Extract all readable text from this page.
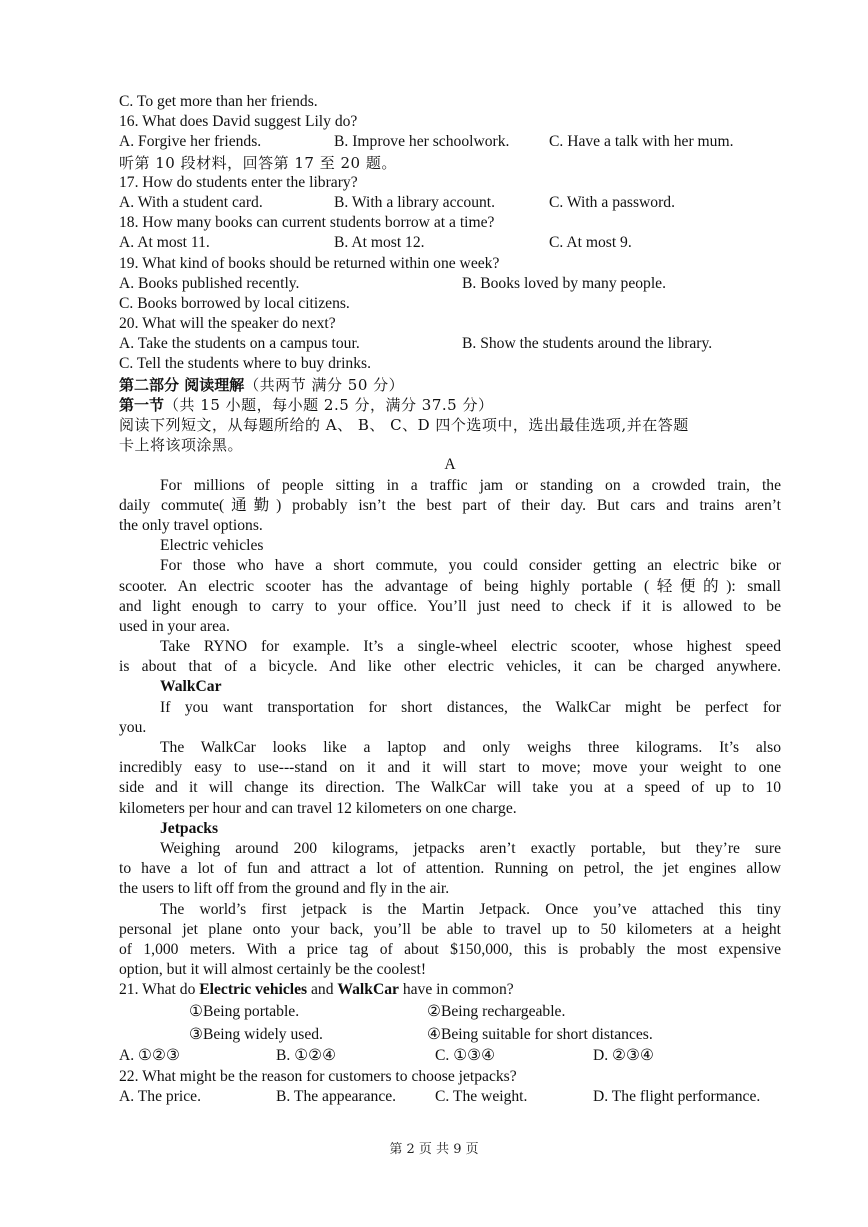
C. To get more than her friends.
16. What does David suggest Lily do?
A. Forgive her friends.	B. Improve her schoolwork.	C. Have a talk with her mum.
听第 10 段材料，回答第 17 至 20 题。
17. How do students enter the library?
A. With a student card.	B. With a library account.	C. With a password.
18. How many books can current students borrow at a time?
A. At most 11.	B. At most 12.	C. At most 9.
19. What kind of books should be returned within one week?
A. Books published recently.	B. Books loved by many people.
C. Books borrowed by local citizens.
20. What will the speaker do next?
A. Take the students on a campus tour.	B. Show the students around the library.
C. Tell the students where to buy drinks.
第二部分 阅读理解（共两节 满分 50 分）
第一节（共 15 小题，每小题 2.5 分，满分 37.5 分）
阅读下列短文，从每题所给的 A、 B、 C、D 四个选项中，选出最佳选项,并在答题
卡上将该项涂黑。
A
For millions of people sitting in a traffic jam or standing on a crowded train, the
daily commute(通勤) probably isn’t the best part of their day. But cars and trains aren’t
the only travel options.
Electric vehicles
For those who have a short commute, you could consider getting an electric bike or
scooter. An electric scooter has the advantage of being highly portable (轻便的): small
and light enough to carry to your office. You’ll just need to check if it is allowed to be
used in your area.
Take RYNO for example. It’s a single-wheel electric scooter, whose highest speed
is about that of a bicycle. And like other electric vehicles, it can be charged anywhere.
WalkCar
If you want transportation for short distances, the WalkCar might be perfect for
you.
The WalkCar looks like a laptop and only weighs three kilograms. It’s also
incredibly easy to use---stand on it and it will start to move; move your weight to one
side and it will change its direction. The WalkCar will take you at a speed of up to 10
kilometers per hour and can travel 12 kilometers on one charge.
Jetpacks
Weighing around 200 kilograms, jetpacks aren’t exactly portable, but they’re sure
to have a lot of fun and attract a lot of attention. Running on petrol, the jet engines allow
the users to lift off from the ground and fly in the air.
The world’s first jetpack is the Martin Jetpack. Once you’ve attached this tiny
personal jet plane onto your back, you’ll be able to travel up to 50 kilometers at a height
of 1,000 meters. With a price tag of about $150,000, this is probably the most expensive
option, but it will almost certainly be the coolest!
21. What do Electric vehicles and WalkCar have in common?
①Being portable.	②Being rechargeable.
③Being widely used.	④Being suitable for short distances.
A. ①②③	B. ①②④	C. ①③④	D. ②③④
22. What might be the reason for customers to choose jetpacks?
A. The price.	B. The appearance. C. The weight.	D. The flight performance.
第 2 页 共 9 页
